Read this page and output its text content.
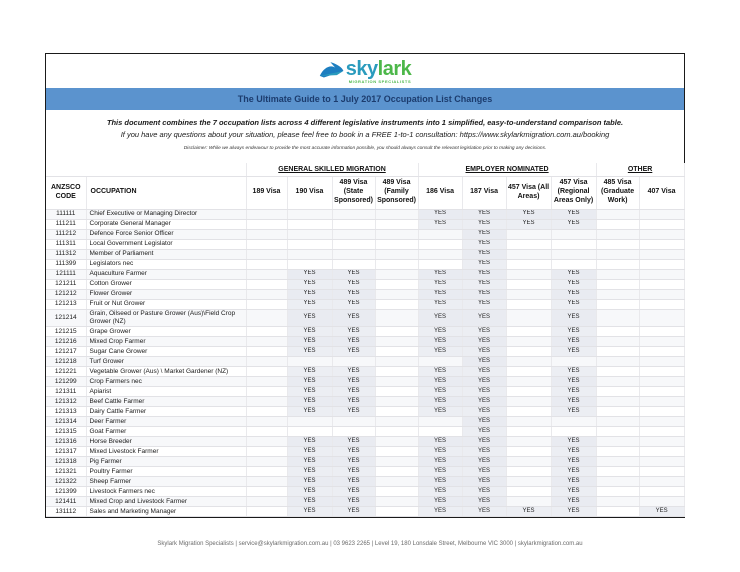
skylark
MIGRATION SPECIALISTS
The Ultimate Guide to 1 July 2017 Occupation List Changes
This document combines the 7 occupation lists across 4 different legislative instruments into 1 simplified, easy-to-understand comparison table.
If you have any questions about your situation, please feel free to book in a FREE 1-to-1 consultation: https://www.skylarkmigration.com.au/booking
Disclaimer: While we always endeavour to provide the most accurate information possible, you should always consult the relevant legislation prior to making any decisions.
		GENERAL SKILLED MIGRATION				EMPLOYER NOMINATED				OTHER	
ANZSCO CODE	OCCUPATION	189 Visa	190 Visa	489 Visa (State Sponsored)	489 Visa (Family Sponsored)	186 Visa	187 Visa	457 Visa (All Areas)	457 Visa (Regional Areas Only)	485 Visa (Graduate Work)	407 Visa
111111	Chief Executive or Managing Director					YES	YES	YES	YES		
111211	Corporate General Manager					YES	YES	YES	YES		
111212	Defence Force Senior Officer						YES				
111311	Local Government Legislator						YES				
111312	Member of Parliament						YES				
111399	Legislators nec						YES				
121111	Aquaculture Farmer		YES	YES		YES	YES		YES		
121211	Cotton Grower		YES	YES		YES	YES		YES		
121212	Flower Grower		YES	YES		YES	YES		YES		
121213	Fruit or Nut Grower		YES	YES		YES	YES		YES		
121214	Grain, Oilseed or Pasture Grower (Aus)\Field Crop Grower (NZ)		YES	YES		YES	YES		YES		
121215	Grape Grower		YES	YES		YES	YES		YES		
121216	Mixed Crop Farmer		YES	YES		YES	YES		YES		
121217	Sugar Cane Grower		YES	YES		YES	YES		YES		
121218	Turf Grower						YES				
121221	Vegetable Grower (Aus) \ Market Gardener (NZ)		YES	YES		YES	YES		YES		
121299	Crop Farmers nec		YES	YES		YES	YES		YES		
121311	Apiarist		YES	YES		YES	YES		YES		
121312	Beef Cattle Farmer		YES	YES		YES	YES		YES		
121313	Dairy Cattle Farmer		YES	YES		YES	YES		YES		
121314	Deer Farmer						YES				
121315	Goat Farmer						YES				
121316	Horse Breeder		YES	YES		YES	YES		YES		
121317	Mixed Livestock Farmer		YES	YES		YES	YES		YES		
121318	Pig Farmer		YES	YES		YES	YES		YES		
121321	Poultry Farmer		YES	YES		YES	YES		YES		
121322	Sheep Farmer		YES	YES		YES	YES		YES		
121399	Livestock Farmers nec		YES	YES		YES	YES		YES		
121411	Mixed Crop and Livestock Farmer		YES	YES		YES	YES		YES		
131112	Sales and Marketing Manager		YES	YES		YES	YES	YES	YES		YES
Skylark Migration Specialists | service@skylarkmigration.com.au | 03 9623 2265 | Level 19, 180 Lonsdale Street, Melbourne VIC 3000 | skylarkmigration.com.au
